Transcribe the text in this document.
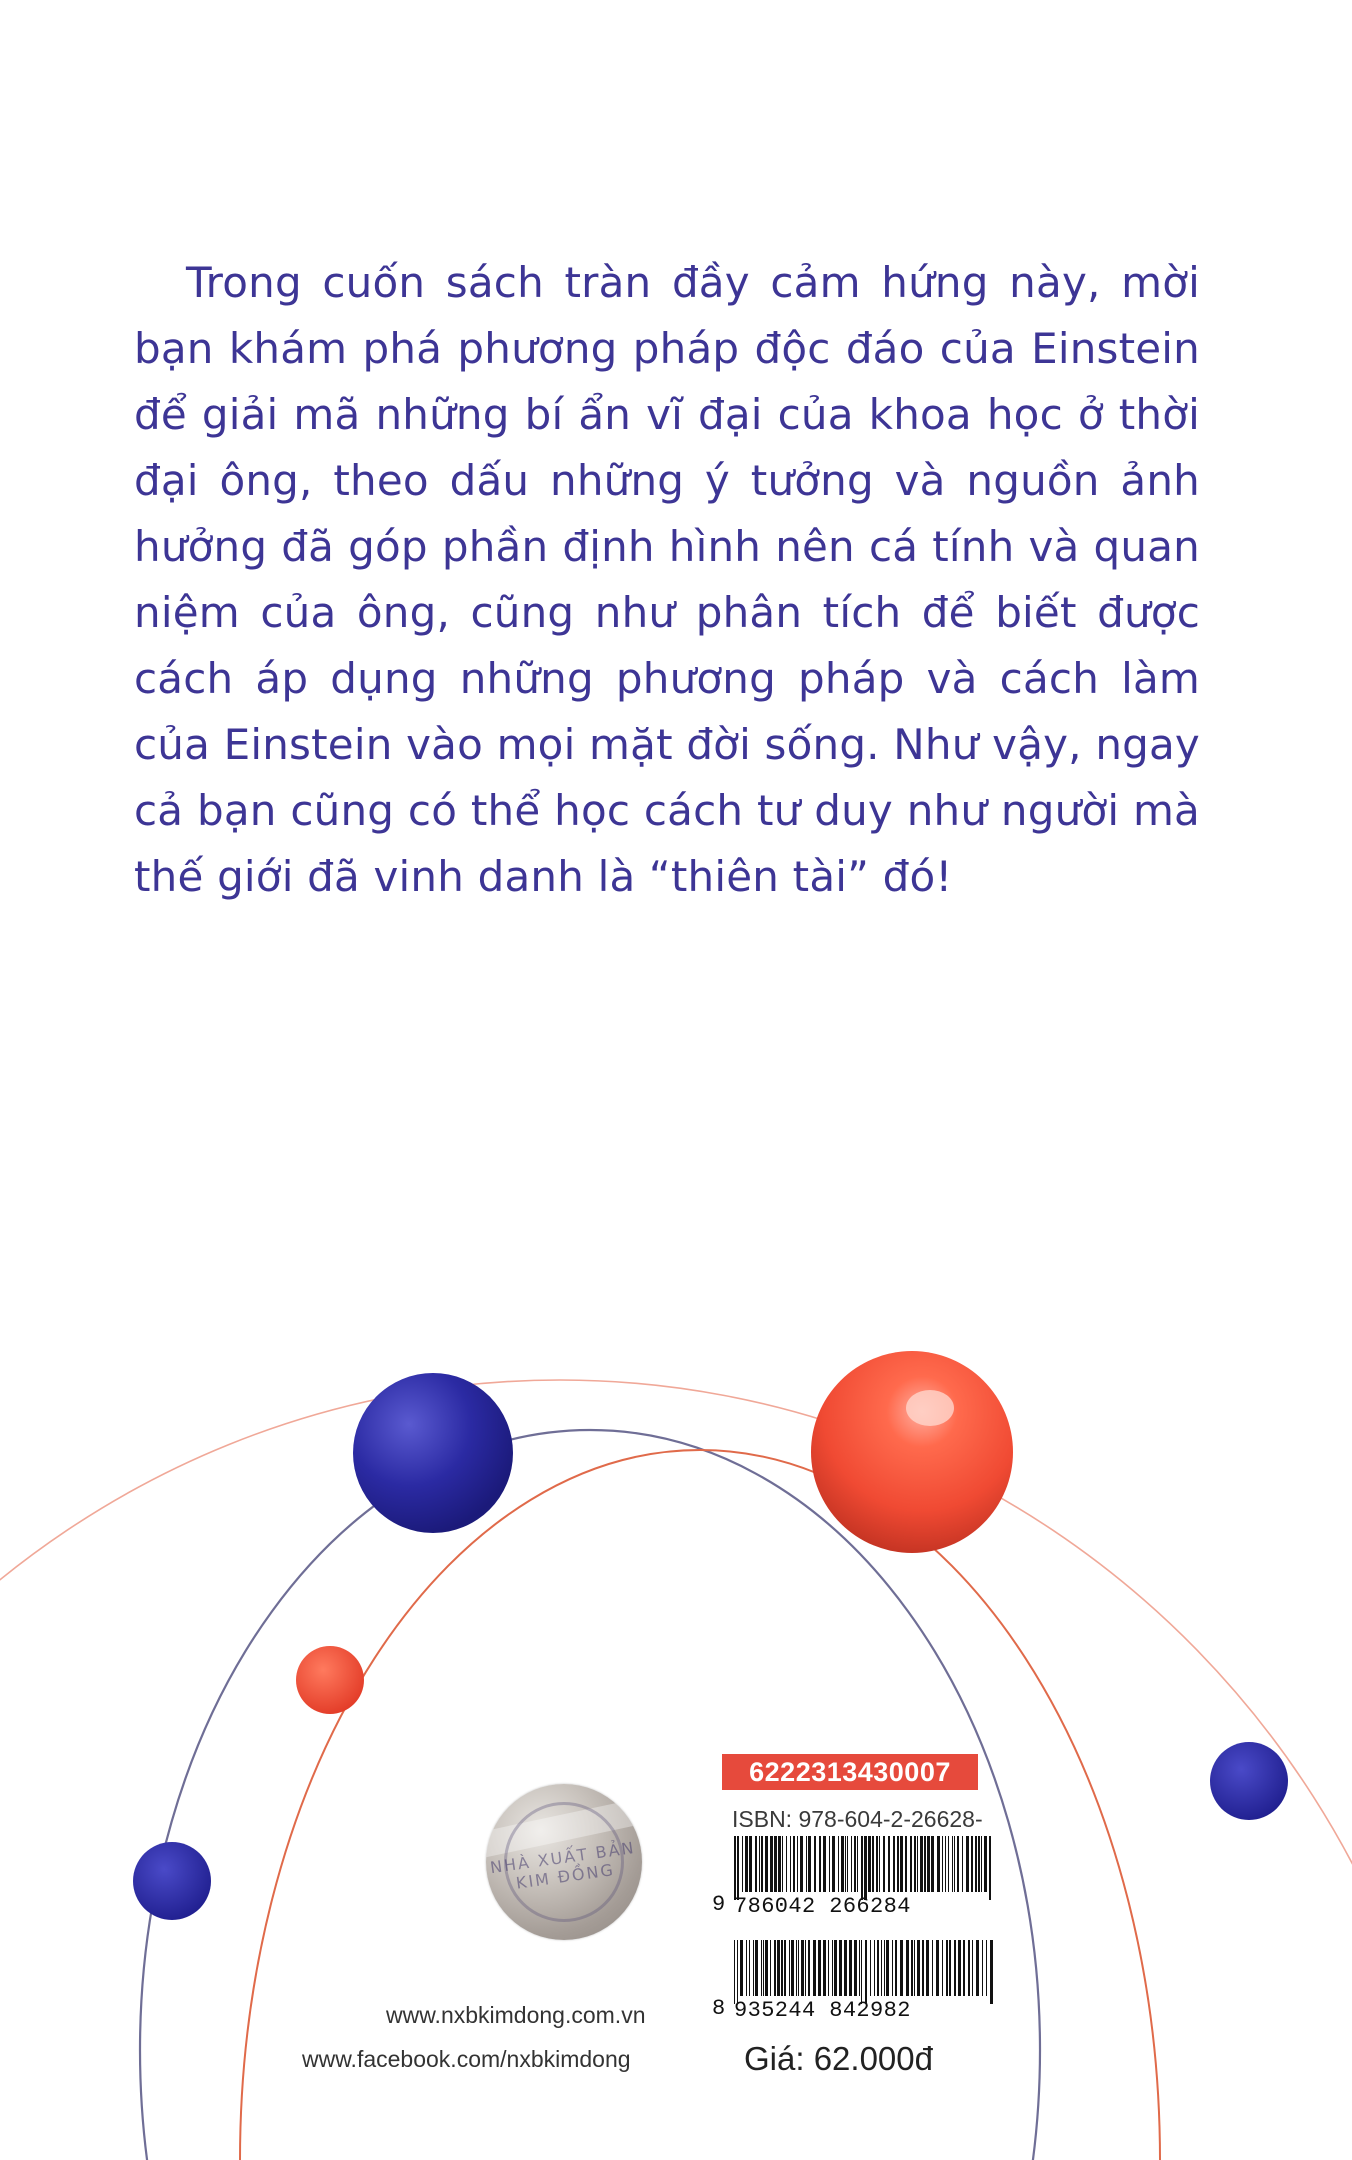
Trong cuốn sách tràn đầy cảm hứng này, mời bạn khám phá phương pháp độc đáo của Einstein để giải mã những bí ẩn vĩ đại của khoa học ở thời đại ông, theo dấu những ý tưởng và nguồn ảnh hưởng đã góp phần định hình nên cá tính và quan niệm của ông, cũng như phân tích để biết được cách áp dụng những phương pháp và cách làm của Einstein vào mọi mặt đời sống. Như vậy, ngay cả bạn cũng có thể học cách tư duy như người mà thế giới đã vinh danh là “thiên tài” đó!

NHÀ XUẤT BẢN KIM ĐỒNG
6222313430007
ISBN: 978-604-2-26628-
9 786042 266284
8 935244 842982
www.nxbkimdong.com.vn
www.facebook.com/nxbkimdong	Giá: 62.000đ
